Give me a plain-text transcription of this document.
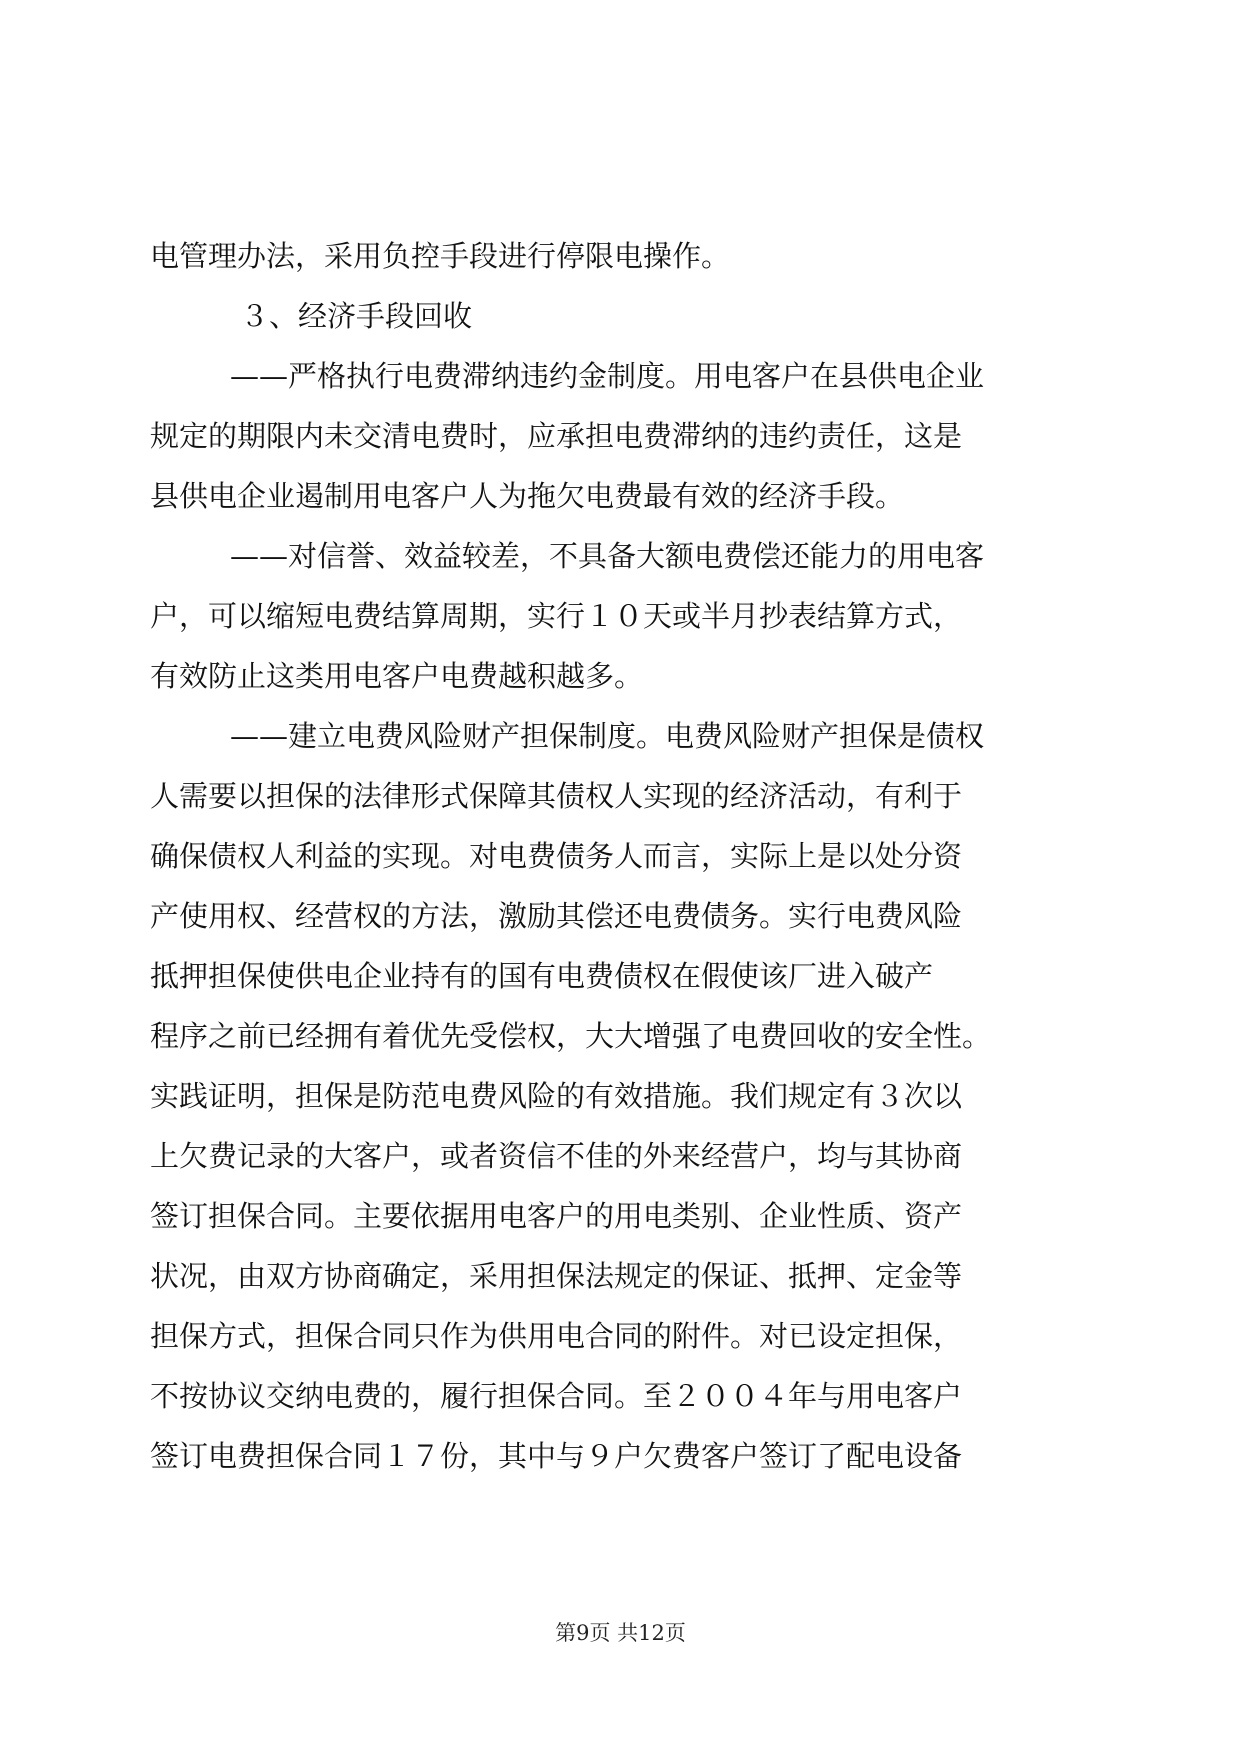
电管理办法，采用负控手段进行停限电操作。
３、经济手段回收
——严格执行电费滞纳违约金制度。用电客户在县供电企业
规定的期限内未交清电费时，应承担电费滞纳的违约责任，这是
县供电企业遏制用电客户人为拖欠电费最有效的经济手段。
——对信誉、效益较差，不具备大额电费偿还能力的用电客
户，可以缩短电费结算周期，实行１０天或半月抄表结算方式，
有效防止这类用电客户电费越积越多。
——建立电费风险财产担保制度。电费风险财产担保是债权
人需要以担保的法律形式保障其债权人实现的经济活动，有利于
确保债权人利益的实现。对电费债务人而言，实际上是以处分资
产使用权、经营权的方法，激励其偿还电费债务。实行电费风险
抵押担保使供电企业持有的国有电费债权在假使该厂进入破产
程序之前已经拥有着优先受偿权，大大增强了电费回收的安全性。
实践证明，担保是防范电费风险的有效措施。我们规定有３次以
上欠费记录的大客户，或者资信不佳的外来经营户，均与其协商
签订担保合同。主要依据用电客户的用电类别、企业性质、资产
状况，由双方协商确定，采用担保法规定的保证、抵押、定金等
担保方式，担保合同只作为供用电合同的附件。对已设定担保，
不按协议交纳电费的，履行担保合同。至２００４年与用电客户
签订电费担保合同１７份，其中与９户欠费客户签订了配电设备
第9页 共12页
